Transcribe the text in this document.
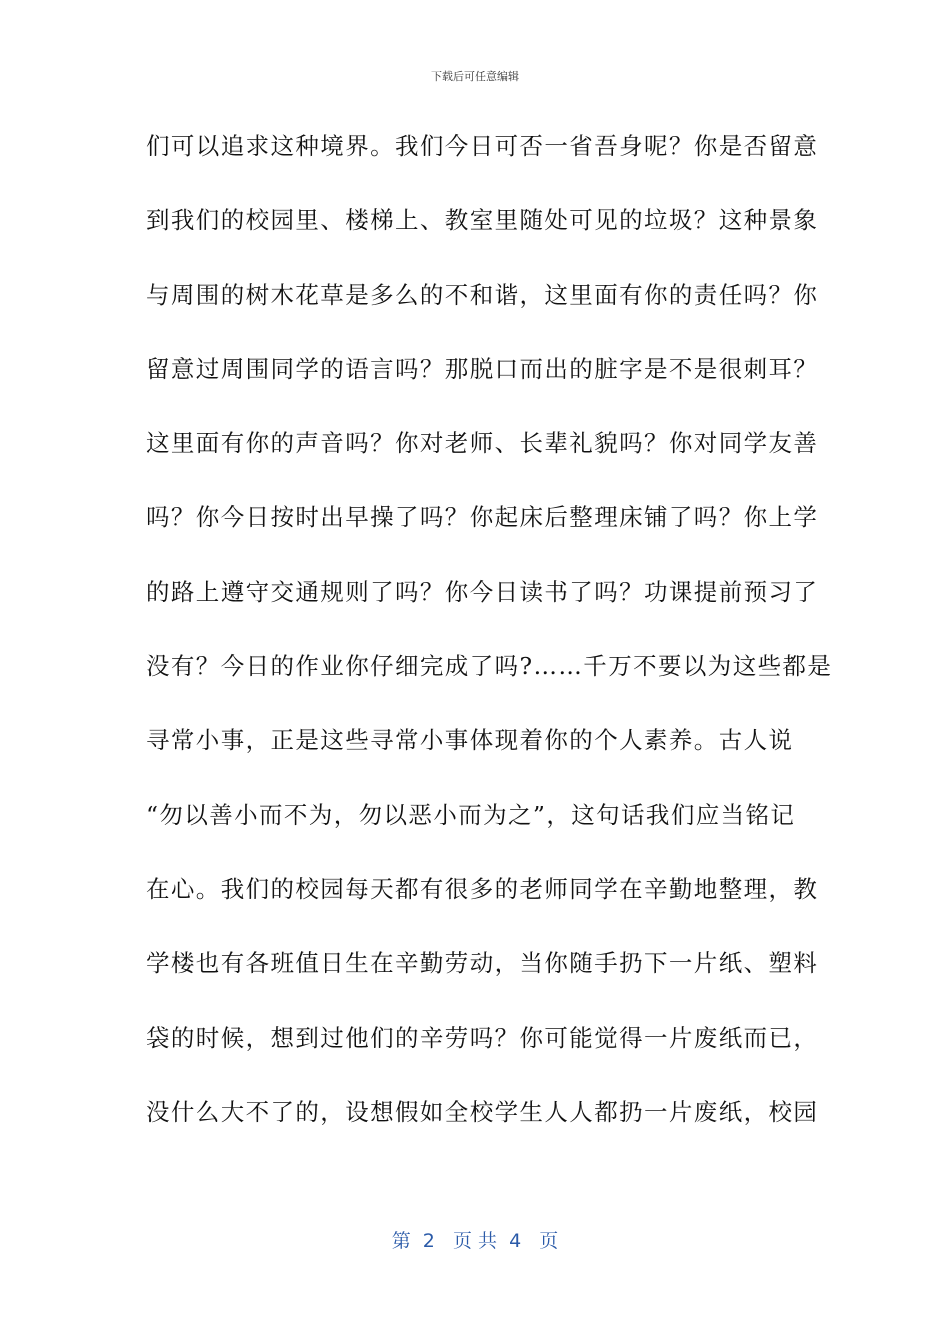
下载后可任意编辑
们可以追求这种境界。我们今日可否一省吾身呢？你是否留意
到我们的校园里、楼梯上、教室里随处可见的垃圾？这种景象
与周围的树木花草是多么的不和谐，这里面有你的责任吗？你
留意过周围同学的语言吗？那脱口而出的脏字是不是很刺耳？
这里面有你的声音吗？你对老师、长辈礼貌吗？你对同学友善
吗？你今日按时出早操了吗？你起床后整理床铺了吗？你上学
的路上遵守交通规则了吗？你今日读书了吗？功课提前预习了
没有？今日的作业你仔细完成了吗?……千万不要以为这些都是
寻常小事，正是这些寻常小事体现着你的个人素养。古人说
“勿以善小而不为，勿以恶小而为之”，这句话我们应当铭记
在心。我们的校园每天都有很多的老师同学在辛勤地整理，教
学楼也有各班值日生在辛勤劳动，当你随手扔下一片纸、塑料
袋的时候，想到过他们的辛劳吗？你可能觉得一片废纸而已，
没什么大不了的，设想假如全校学生人人都扔一片废纸，校园
第  2   页 共  4   页
